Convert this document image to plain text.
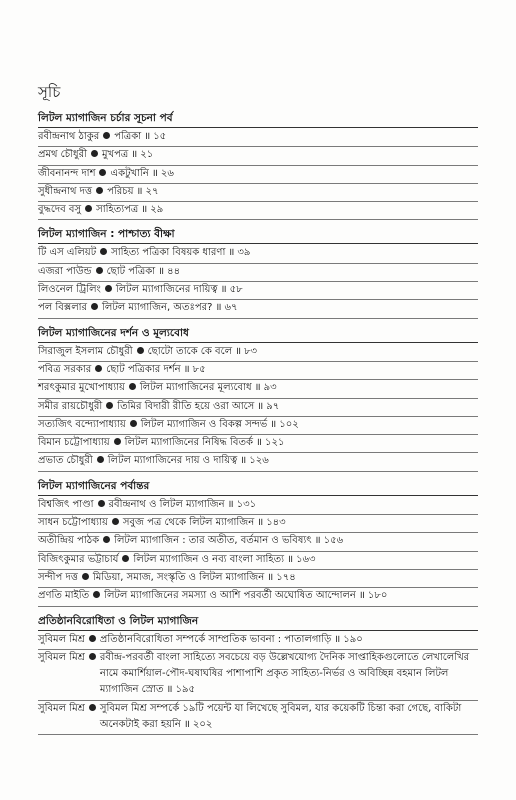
সূচি
লিটল ম্যাগাজিন চর্চার সূচনা পর্ব
রবীন্দ্রনাথ ঠাকুর পত্রিকা ॥ ১৫
প্রমথ চৌধুরী মুখপত্র ॥ ২১
জীবনানন্দ দাশ একটুখানি ॥ ২৬
সুধীন্দ্রনাথ দত্ত পরিচয় ॥ ২৭
বুদ্ধদেব বসু সাহিত্যপত্র ॥ ২৯
লিটল ম্যাগাজিন : পাশ্চাত্য বীক্ষা
টি এস এলিয়ট সাহিত্য পত্রিকা বিষয়ক ধারণা ॥ ৩৯
এজরা পাউন্ড ছোট পত্রিকা ॥ ৪৪
লিওনেল ট্রিলিং লিটল ম্যাগাজিনের দায়িত্ব ॥ ৫৮
পল বিক্সলার লিটল ম্যাগাজিন, অতঃপর? ॥ ৬৭
লিটল ম্যাগাজিনের দর্শন ও মূল্যবোধ
সিরাজুল ইসলাম চৌধুরী ছোটো তাকে কে বলে ॥ ৮৩
পবিত্র সরকার ছোট পত্রিকার দর্শন ॥ ৮৫
শরৎকুমার মুখোপাধ্যায় লিটল ম্যাগাজিনের মূল্যবোধ ॥ ৯৩
সমীর রায়চৌধুরী তিমির বিদারী রীতি হয়ে ওরা আসে ॥ ৯৭
সত্যজিৎ বন্দ্যোপাধ্যায় লিটল ম্যাগাজিন ও বিকল্প সন্দর্ভ ॥ ১০২
বিমান চট্টোপাধ্যায় লিটল ম্যাগাজিনের নিষিদ্ধ বিতর্ক ॥ ১২১
প্রভাত চৌধুরী লিটল ম্যাগাজিনের দায় ও দায়িত্ব ॥ ১২৬
লিটল ম্যাগাজিনের পর্বান্তর
বিশ্বজিৎ পাণ্ডা রবীন্দ্রনাথ ও লিটল ম্যাগাজিন ॥ ১৩১
সাধন চট্টোপাধ্যায় সবুজ পত্র থেকে লিটল ম্যাগাজিন ॥ ১৪৩
অতীন্দ্রিয় পাঠক লিটল ম্যাগাজিন : তার অতীত, বর্তমান ও ভবিষ্যৎ ॥ ১৫৬
বিজিৎকুমার ভট্টাচার্য লিটল ম্যাগাজিন ও নব্য বাংলা সাহিত্য ॥ ১৬৩
সন্দীপ দত্ত মিডিয়া, সমাজ, সংস্কৃতি ও লিটল ম্যাগাজিন ॥ ১৭৪
প্রণতি মাইতি লিটল ম্যাগাজিনের সমস্যা ও আশি পরবর্তী অঘোষিত আন্দোলন ॥ ১৮০
প্রতিষ্ঠানবিরোধিতা ও লিটল ম্যাগাজিন
সুবিমল মিশ্র প্রতিষ্ঠানবিরোধিতা সম্পর্কে সাম্প্রতিক ভাবনা : পাতালগাড়ি ॥ ১৯০
সুবিমল মিশ্র	রবীন্দ্র-পরবর্তী বাংলা সাহিত্যে সবচেয়ে বড় উল্লেখযোগ্য দৈনিক সাপ্তাহিকগুলোতে লেখালেখির নামে কমার্শিয়াল-পৌদ-ঘষাঘষির পাশাপাশি প্রকৃত সাহিত্য-নির্ভর ও অবিচ্ছিন্ন বহমান লিটল ম্যাগাজিন স্রোত ॥ ১৯৫
সুবিমল মিশ্র	সুবিমল মিশ্র সম্পর্কে ১৯টি পয়েন্ট যা লিখেছে সুবিমল, যার কয়েকটি চিন্তা করা গেছে, বাকিটা অনেকটাই করা হয়নি ॥ ২০২
